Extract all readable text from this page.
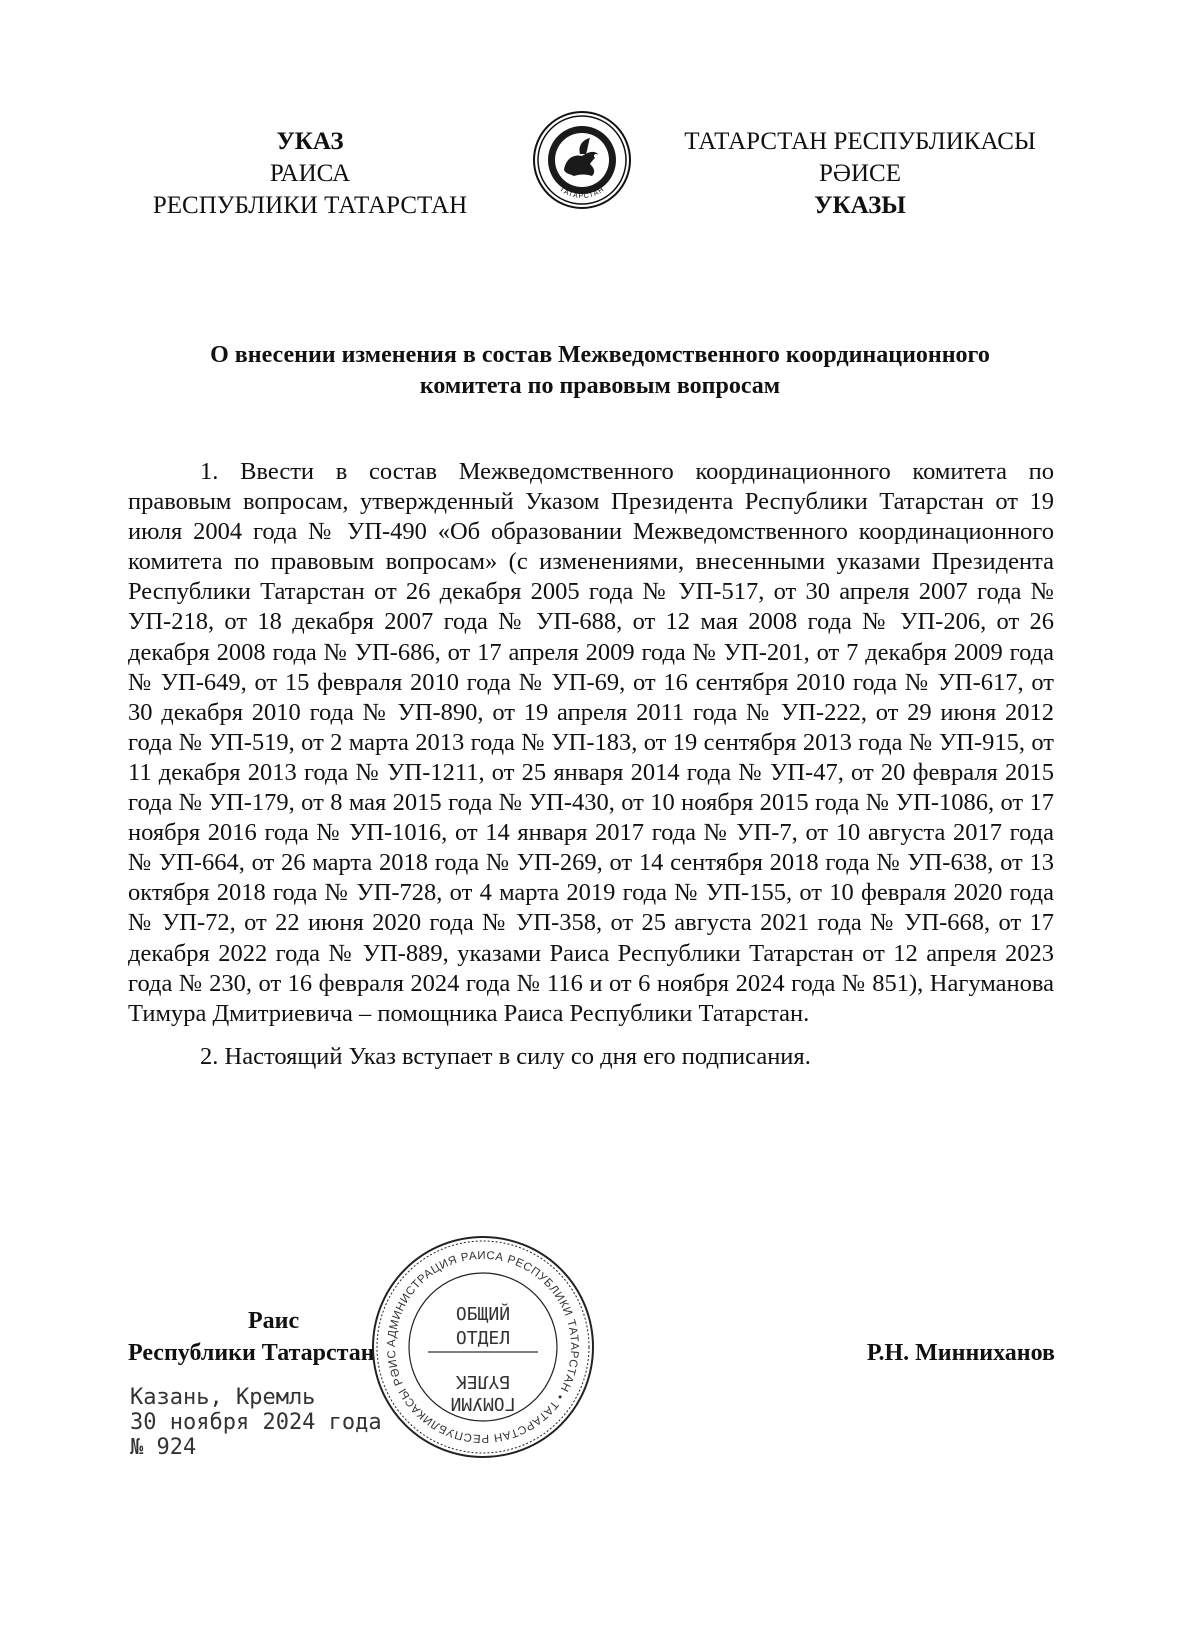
УКАЗ
РАИСА
РЕСПУБЛИКИ ТАТАРСТАН
ТАТАРСТАН
ТАТАРСТАН РЕСПУБЛИКАСЫ
РӘИСЕ
УКАЗЫ
О внесении изменения в состав Межведомственного координационного
комитета по правовым вопросам

1. Ввести в состав Межведомственного координационного комитета по правовым вопросам, утвержденный Указом Президента Республики Татарстан от 19 июля 2004 года № УП-490 «Об образовании Межведомственного координационного комитета по правовым вопросам» (с изменениями, внесенными указами Президента Республики Татарстан от 26 декабря 2005 года № УП-517, от 30 апреля 2007 года № УП-218, от 18 декабря 2007 года № УП-688, от 12 мая 2008 года № УП-206, от 26 декабря 2008 года № УП-686, от 17 апреля 2009 года № УП-201, от 7 декабря 2009 года № УП-649, от 15 февраля 2010 года № УП-69, от 16 сентября 2010 года № УП-617, от 30 декабря 2010 года № УП-890, от 19 апреля 2011 года № УП-222, от 29 июня 2012 года № УП-519, от 2 марта 2013 года № УП-183, от 19 сентября 2013 года № УП-915, от 11 декабря 2013 года № УП-1211, от 25 января 2014 года № УП-47, от 20 февраля 2015 года № УП-179, от 8 мая 2015 года № УП-430, от 10 ноября 2015 года № УП-1086, от 17 ноября 2016 года № УП-1016, от 14 января 2017 года № УП-7, от 10 августа 2017 года № УП-664, от 26 марта 2018 года № УП-269, от 14 сентября 2018 года № УП-638, от 13 октября 2018 года № УП-728, от 4 марта 2019 года № УП-155, от 10 февраля 2020 года № УП-72, от 22 июня 2020 года № УП-358, от 25 августа 2021 года № УП-668, от 17 декабря 2022 года № УП-889, указами Раиса Республики Татарстан от 12 апреля 2023 года № 230, от 16 февраля 2024 года № 116 и от 6 ноября 2024 года № 851), Нагуманова Тимура Дмитриевича – помощника Раиса Республики Татарстан.

2. Настоящий Указ вступает в силу со дня его подписания.

Раис
Республики Татарстан	Р.Н. Минниханов
Казань, Кремль
30 ноября 2024 года
№ 924
АДМИНИСТРАЦИЯ РАИСА РЕСПУБЛИКИ ТАТАРСТАН • ТАТАРСТАН РЕСПУБЛИКАСЫ РӘИС
ОБЩИЙ
ОТДЕЛ
БҮЛЕК
ГОМУМИ
